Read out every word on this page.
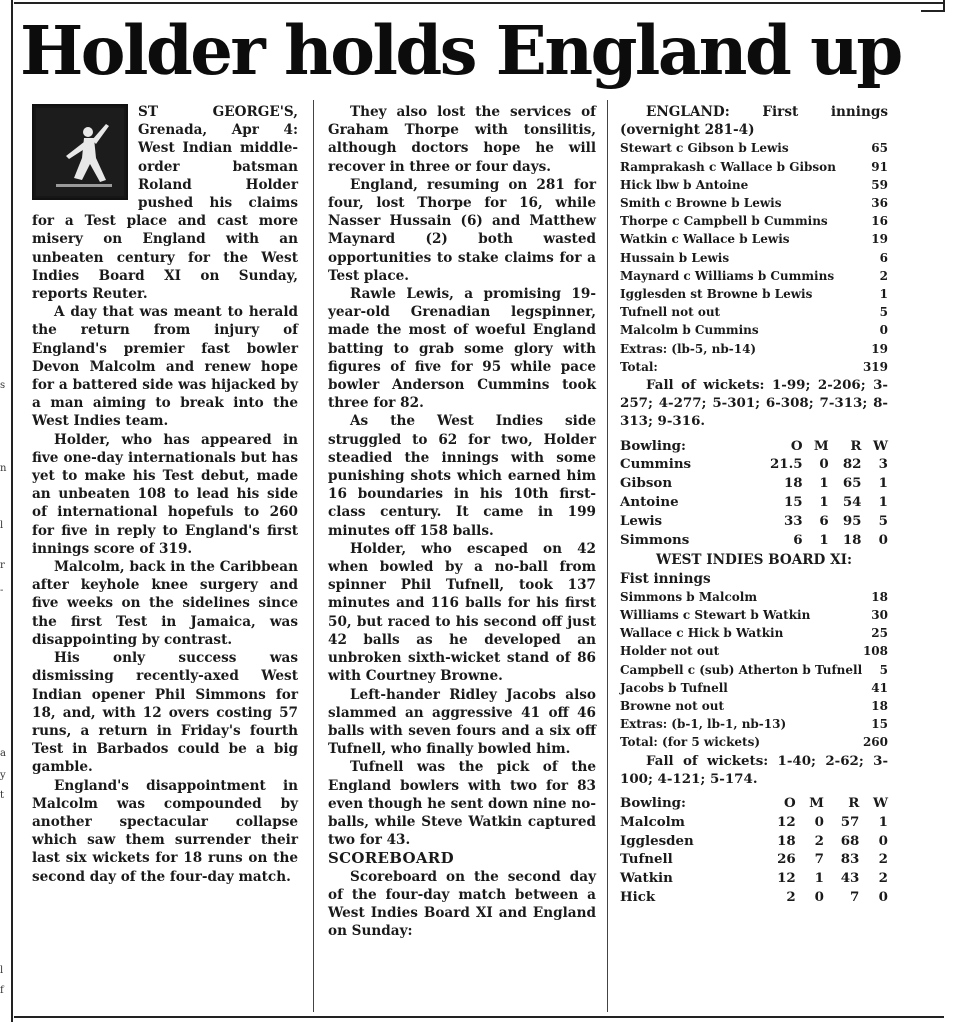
s
n
l
r
-
a
y
t
l
f
Holder holds England up

ST GEORGE'S, Grenada, Apr 4: West Indian middle-order batsman Roland Holder pushed his claims for a Test place and cast more misery on England with an unbeaten century for the West Indies Board XI on Sunday, reports Reuter.

A day that was meant to herald the return from injury of England's premier fast bowler Devon Malcolm and renew hope for a battered side was hijacked by a man aiming to break into the West Indies team.

Holder, who has appeared in five one-day internationals but has yet to make his Test debut, made an unbeaten 108 to lead his side of international hopefuls to 260 for five in reply to England's first innings score of 319.

Malcolm, back in the Caribbean after keyhole knee surgery and five weeks on the sidelines since the first Test in Jamaica, was disappointing by contrast.

His only success was dismissing recently-axed West Indian opener Phil Simmons for 18, and, with 12 overs costing 57 runs, a return in Friday's fourth Test in Barbados could be a big gamble.

England's disappointment in Malcolm was compounded by another spectacular collapse which saw them surrender their last six wickets for 18 runs on the second day of the four-day match.

They also lost the services of Graham Thorpe with tonsilitis, although doctors hope he will recover in three or four days.

England, resuming on 281 for four, lost Thorpe for 16, while Nasser Hussain (6) and Matthew Maynard (2) both wasted opportunities to stake claims for a Test place.

Rawle Lewis, a promising 19-year-old Grenadian legspinner, made the most of woeful England batting to grab some glory with figures of five for 95 while pace bowler Anderson Cummins took three for 82.

As the West Indies side struggled to 62 for two, Holder steadied the innings with some punishing shots which earned him 16 boundaries in his 10th first-class century. It came in 199 minutes off 158 balls.

Holder, who escaped on 42 when bowled by a no-ball from spinner Phil Tufnell, took 137 minutes and 116 balls for his first 50, but raced to his second off just 42 balls as he developed an unbroken sixth-wicket stand of 86 with Courtney Browne.

Left-hander Ridley Jacobs also slammed an aggressive 41 off 46 balls with seven fours and a six off Tufnell, who finally bowled him.

Tufnell was the pick of the England bowlers with two for 83 even though he sent down nine no-balls, while Steve Watkin captured two for 43.

SCOREBOARD

Scoreboard on the second day of the four-day match between a West Indies Board XI and England on Sunday:

ENGLAND: First innings (overnight 281-4)

Stewart c Gibson b Lewis	65
Ramprakash c Wallace b Gibson	91
Hick lbw b Antoine	59
Smith c Browne b Lewis	36
Thorpe c Campbell b Cummins	16
Watkin c Wallace b Lewis	19
Hussain b Lewis	6
Maynard c Williams b Cummins	2
Igglesden st Browne b Lewis	1
Tufnell not out	5
Malcolm b Cummins	0
Extras: (lb-5, nb-14)	19
Total:	319

Fall of wickets: 1-99; 2-206; 3-257; 4-277; 5-301; 6-308; 7-313; 8-313; 9-316.

Bowling:	O	M	R	W
Cummins	21.5	0	82	3
Gibson	18	1	65	1
Antoine	15	1	54	1
Lewis	33	6	95	5
Simmons	6	1	18	0
WEST INDIES BOARD XI:

Fist innings

Simmons b Malcolm	18
Williams c Stewart b Watkin	30
Wallace c Hick b Watkin	25
Holder not out	108
Campbell c (sub) Atherton b Tufnell	5
Jacobs b Tufnell	41
Browne not out	18
Extras: (b-1, lb-1, nb-13)	15
Total: (for 5 wickets)	260

Fall of wickets: 1-40; 2-62; 3-100; 4-121; 5-174.

Bowling:	O	M	R	W
Malcolm	12	0	57	1
Igglesden	18	2	68	0
Tufnell	26	7	83	2
Watkin	12	1	43	2
Hick	2	0	7	0
